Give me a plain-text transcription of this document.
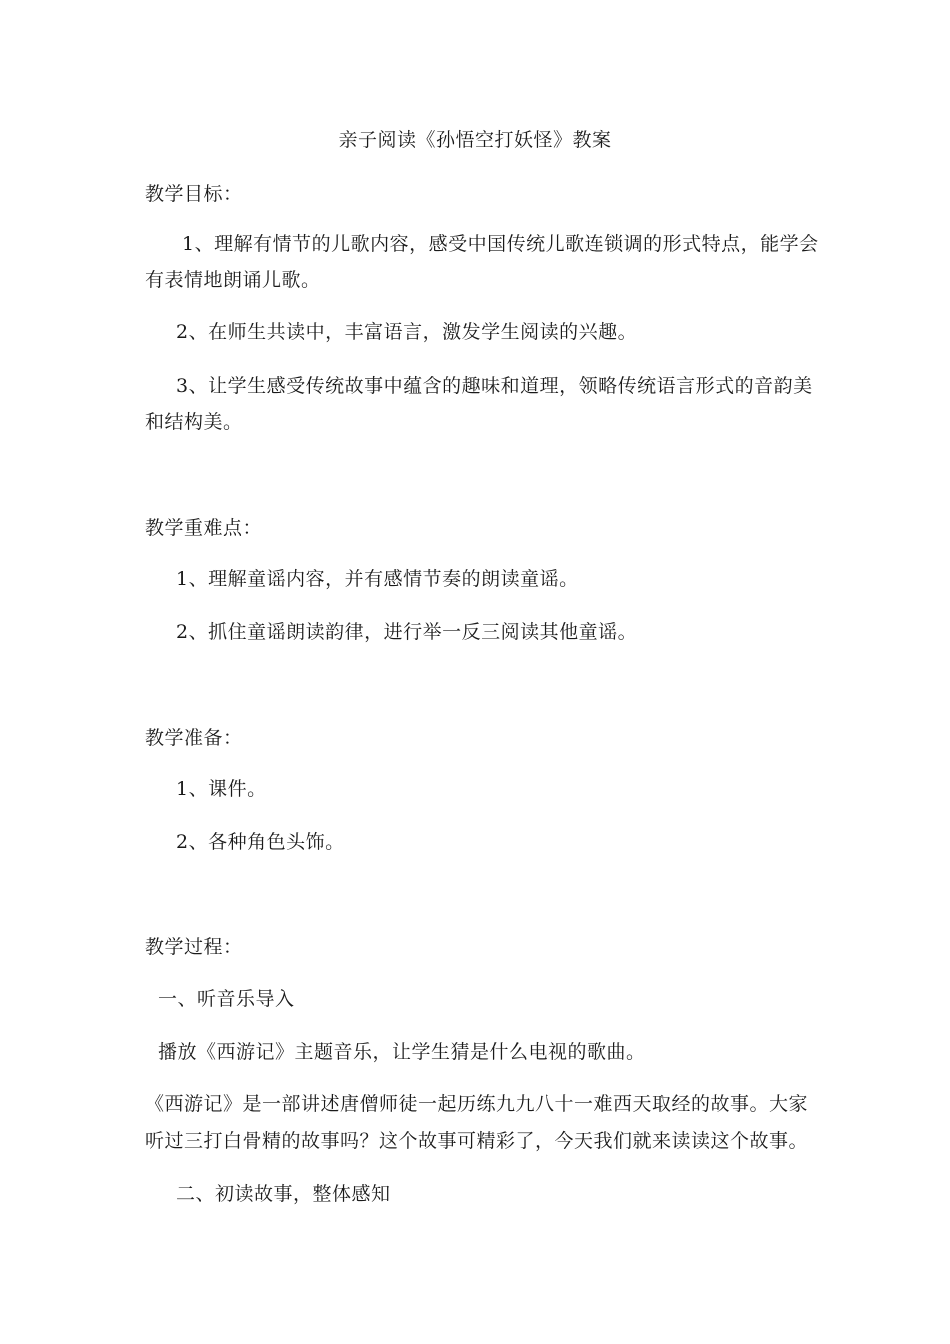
亲子阅读《孙悟空打妖怪》教案
教学目标：
1、理解有情节的儿歌内容，感受中国传统儿歌连锁调的形式特点，能学会
有表情地朗诵儿歌。
2、在师生共读中，丰富语言，激发学生阅读的兴趣。
3、让学生感受传统故事中蕴含的趣味和道理，领略传统语言形式的音韵美
和结构美。
教学重难点：
1、理解童谣内容，并有感情节奏的朗读童谣。
2、抓住童谣朗读韵律，进行举一反三阅读其他童谣。
教学准备：
1、课件。
2、各种角色头饰。
教学过程：
一、听音乐导入
播放《西游记》主题音乐，让学生猜是什么电视的歌曲。
《西游记》是一部讲述唐僧师徒一起历练九九八十一难西天取经的故事。大家
听过三打白骨精的故事吗？这个故事可精彩了，今天我们就来读读这个故事。
二、初读故事，整体感知
